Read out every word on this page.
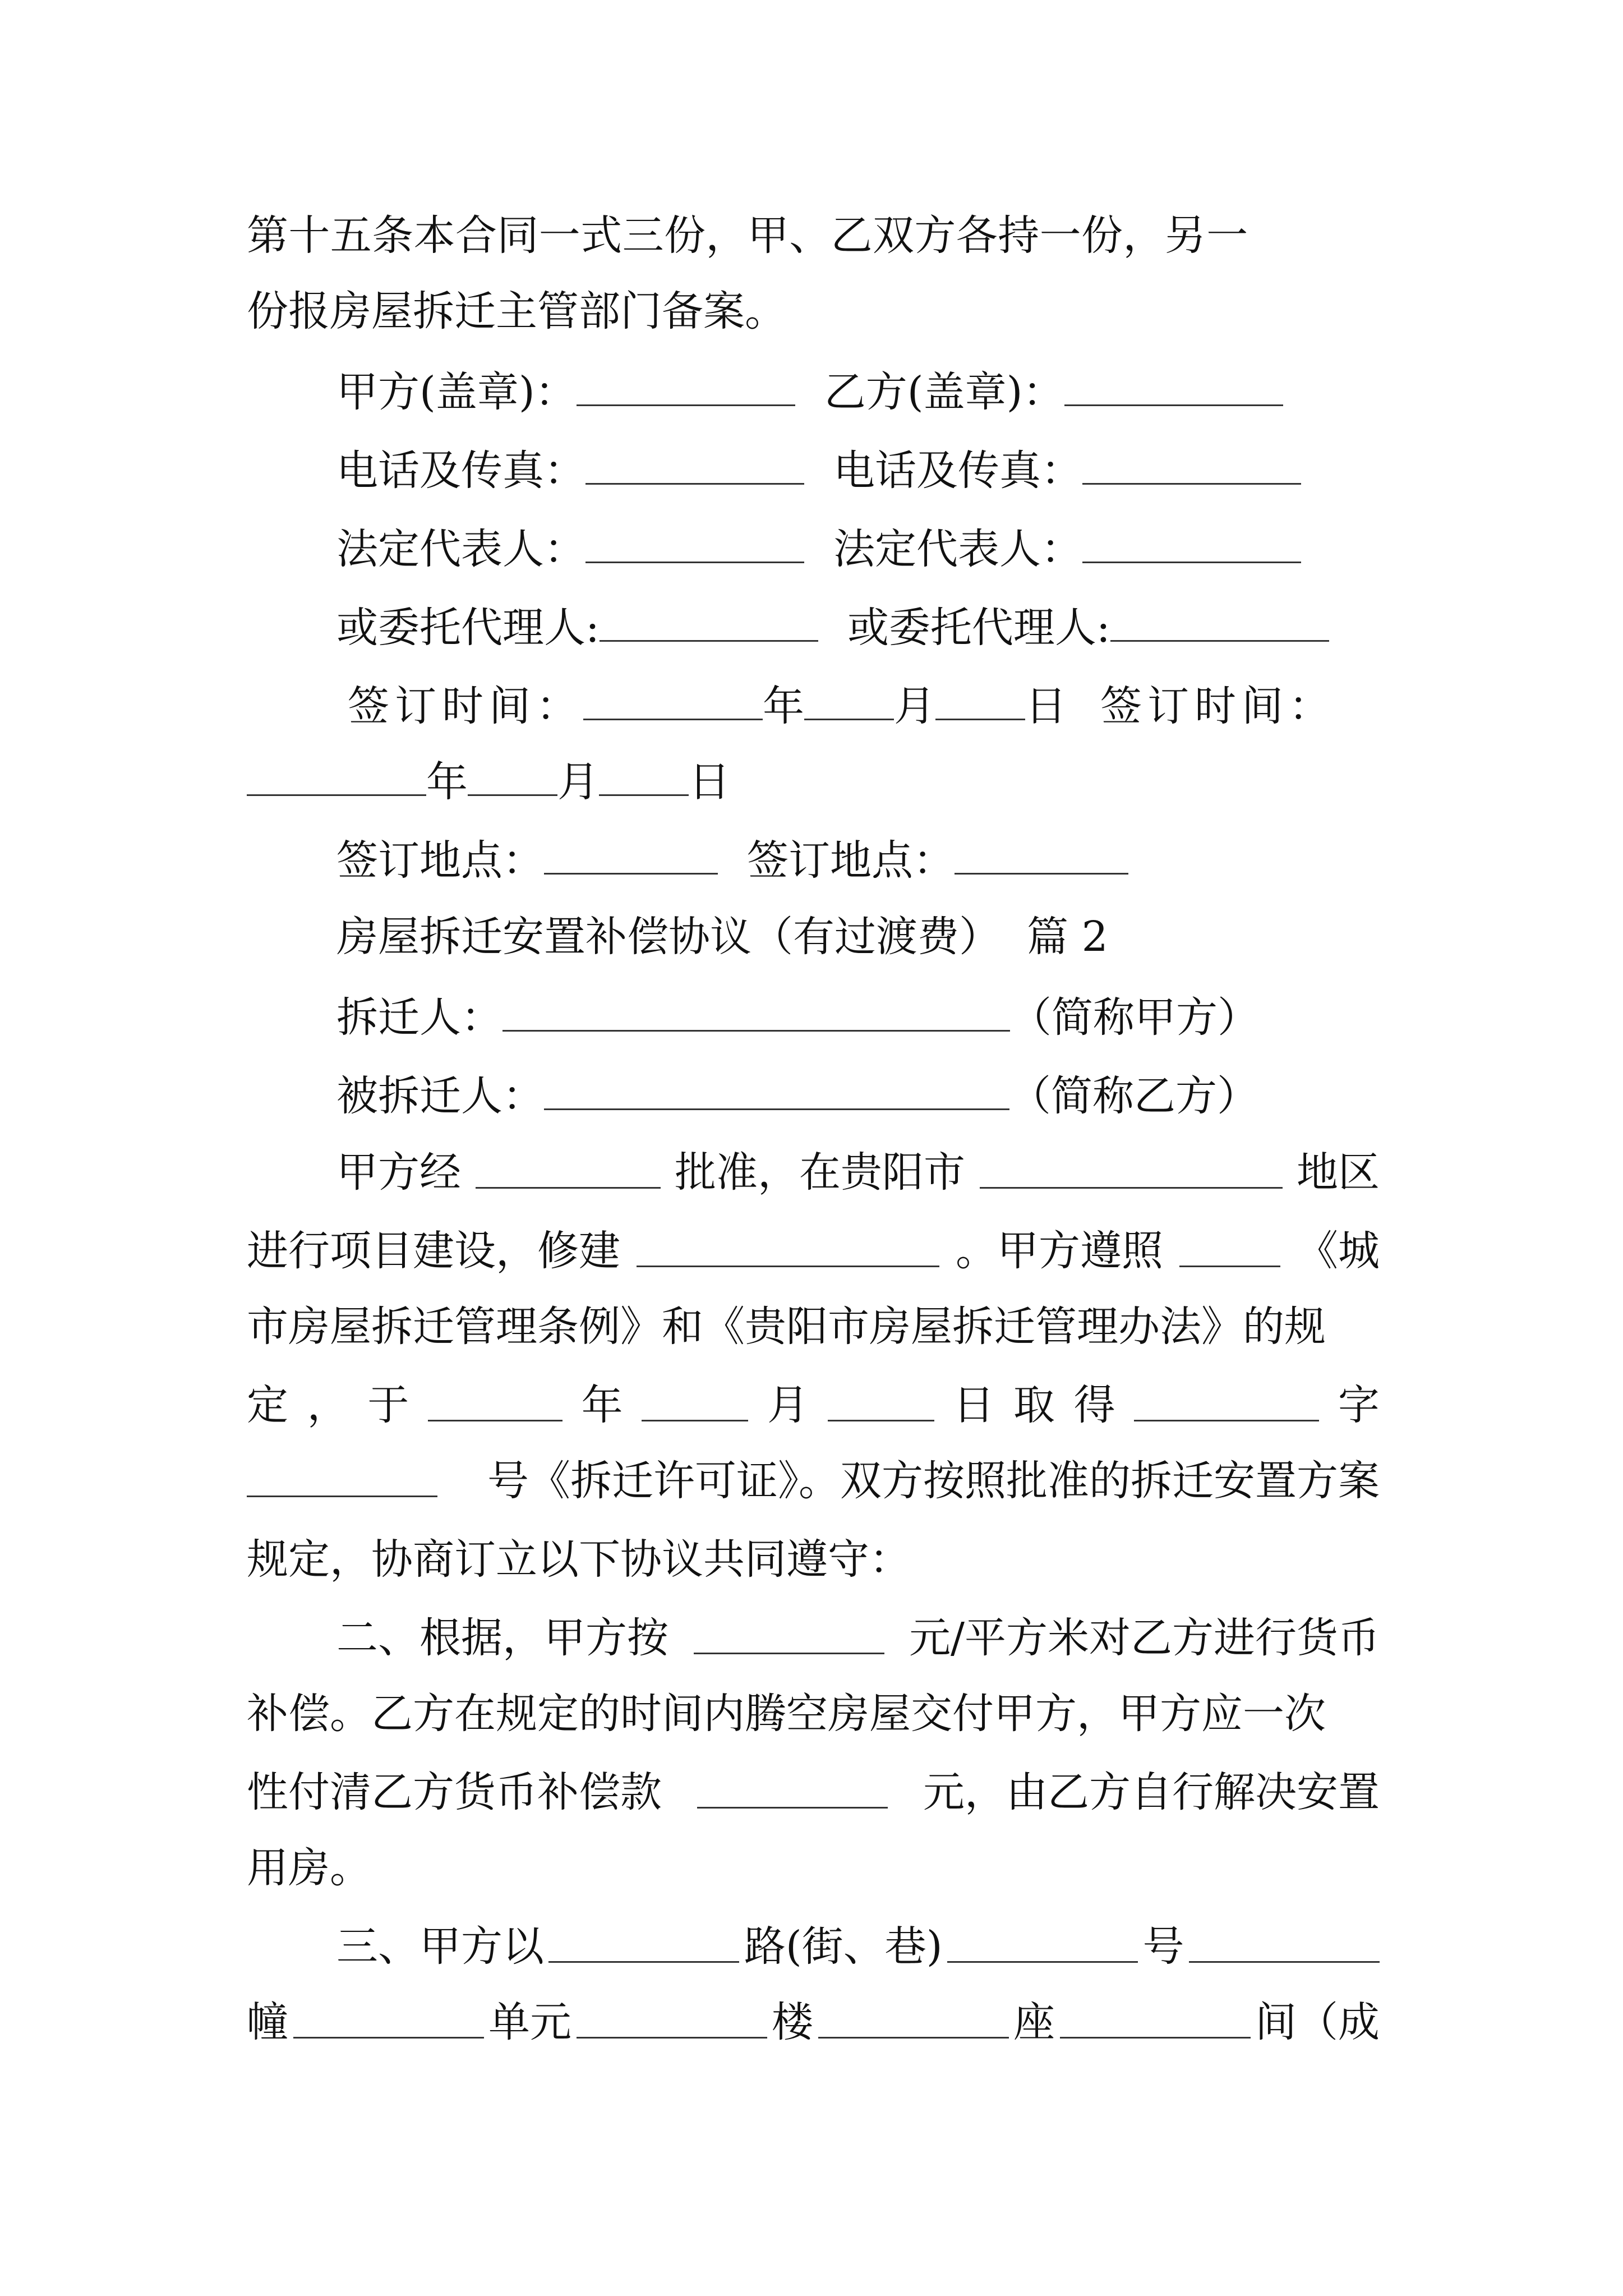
第十五条本合同一式三份，甲、乙双方各持一份，另一
份报房屋拆迁主管部门备案。
甲方(盖章)：	乙方(盖章)：
电话及传真：	电话及传真：
法定代表人：	法定代表人：
或委托代理人:	或委托代理人:
签订时间：	年 月 日 签订时间：
年 月 日
签订地点：	签订地点：
房屋拆迁安置补偿协议（有过渡费）  篇 2
拆迁人：	（简称甲方）
被拆迁人：	（简称乙方）
甲方经	批准，在贵阳市	地区
进行项目建设，修建	。甲方遵照	《城
市房屋拆迁管理条例》和《贵阳市房屋拆迁管理办法》的规
定 ， 于	年	月	日 取 得	字
号《拆迁许可证》。双方按照批准的拆迁安置方案
规定，协商订立以下协议共同遵守：
二、根据，甲方按	元/平方米对乙方进行货币
补偿。乙方在规定的时间内腾空房屋交付甲方，甲方应一次
性付清乙方货币补偿款	元，由乙方自行解决安置
用房。
三、甲方以	路(街、巷)	号
幢	单元	楼	座	间（成
